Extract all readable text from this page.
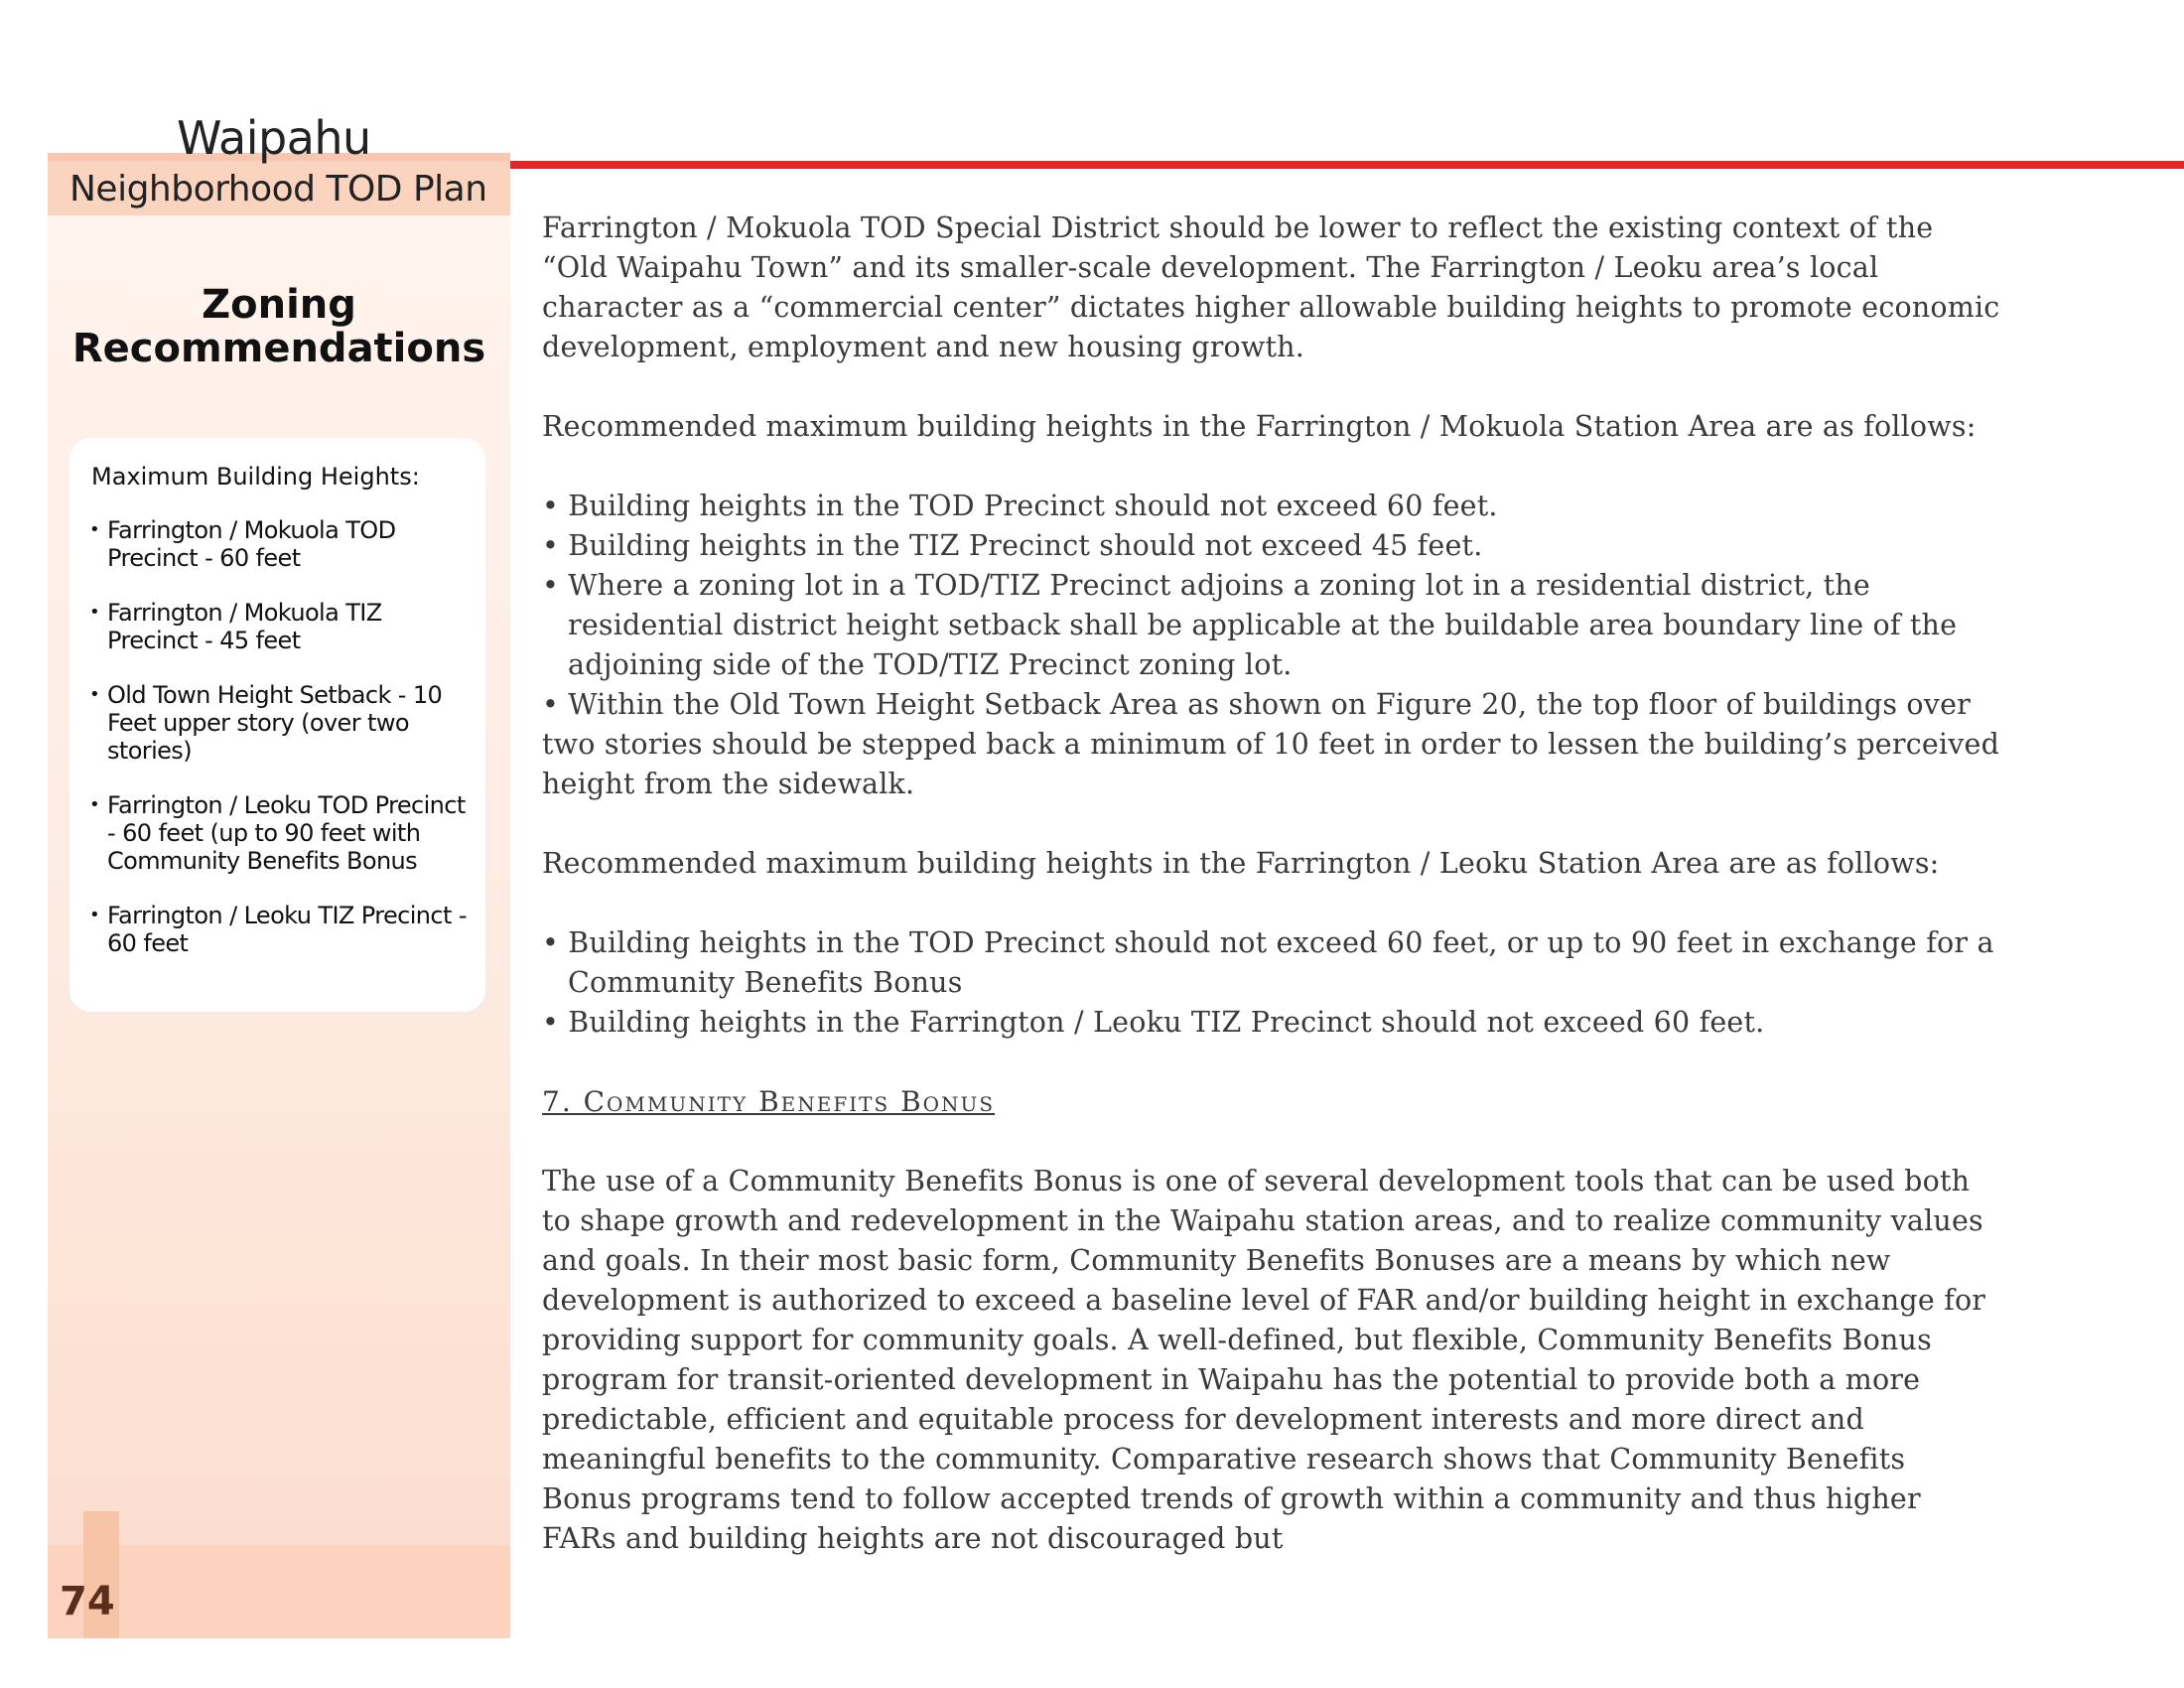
Waipahu
Neighborhood TOD Plan
Zoning
Recommendations
Maximum Building Heights:
• Farrington / Mokuola TOD Precinct - 60 feet
• Farrington / Mokuola TIZ Precinct - 45 feet
• Old Town Height Setback - 10 Feet upper story (over two stories)
• Farrington / Leoku TOD Precinct - 60 feet (up to 90 feet with Community Benefits Bonus
• Farrington / Leoku TIZ Precinct - 60 feet
74

Farrington / Mokuola TOD Special District should be lower to reflect the existing context of the “Old Waipahu Town” and its smaller-scale development. The Farrington / Leoku area’s local character as a “commercial center” dictates higher allowable building heights to promote economic development, employment and new housing growth.

Recommended maximum building heights in the Farrington / Mokuola Station Area are as follows:

• Building heights in the TOD Precinct should not exceed 60 feet.
• Building heights in the TIZ Precinct should not exceed 45 feet.
• Where a zoning lot in a TOD/TIZ Precinct adjoins a zoning lot in a residential district, the residential district height setback shall be applicable at the buildable area boundary line of the adjoining side of the TOD/TIZ Precinct zoning lot.

• Within the Old Town Height Setback Area as shown on Figure 20, the top floor of buildings over two stories should be stepped back a minimum of 10 feet in order to lessen the building’s perceived height from the sidewalk.

Recommended maximum building heights in the Farrington / Leoku Station Area are as follows:

• Building heights in the TOD Precinct should not exceed 60 feet, or up to 90 feet in exchange for a Community Benefits Bonus
• Building heights in the Farrington / Leoku TIZ Precinct should not exceed 60 feet.
7. Community Benefits Bonus

The use of a Community Benefits Bonus is one of several development tools that can be used both to shape growth and redevelopment in the Waipahu station areas, and to realize community values and goals. In their most basic form, Community Benefits Bonuses are a means by which new development is authorized to exceed a baseline level of FAR and/or building height in exchange for providing support for community goals. A well-defined, but flexible, Community Benefits Bonus program for transit-oriented development in Waipahu has the potential to provide both a more predictable, efficient and equitable process for development interests and more direct and meaningful benefits to the community. Comparative research shows that Community Benefits Bonus programs tend to follow accepted trends of growth within a community and thus higher FARs and building heights are not discouraged but
